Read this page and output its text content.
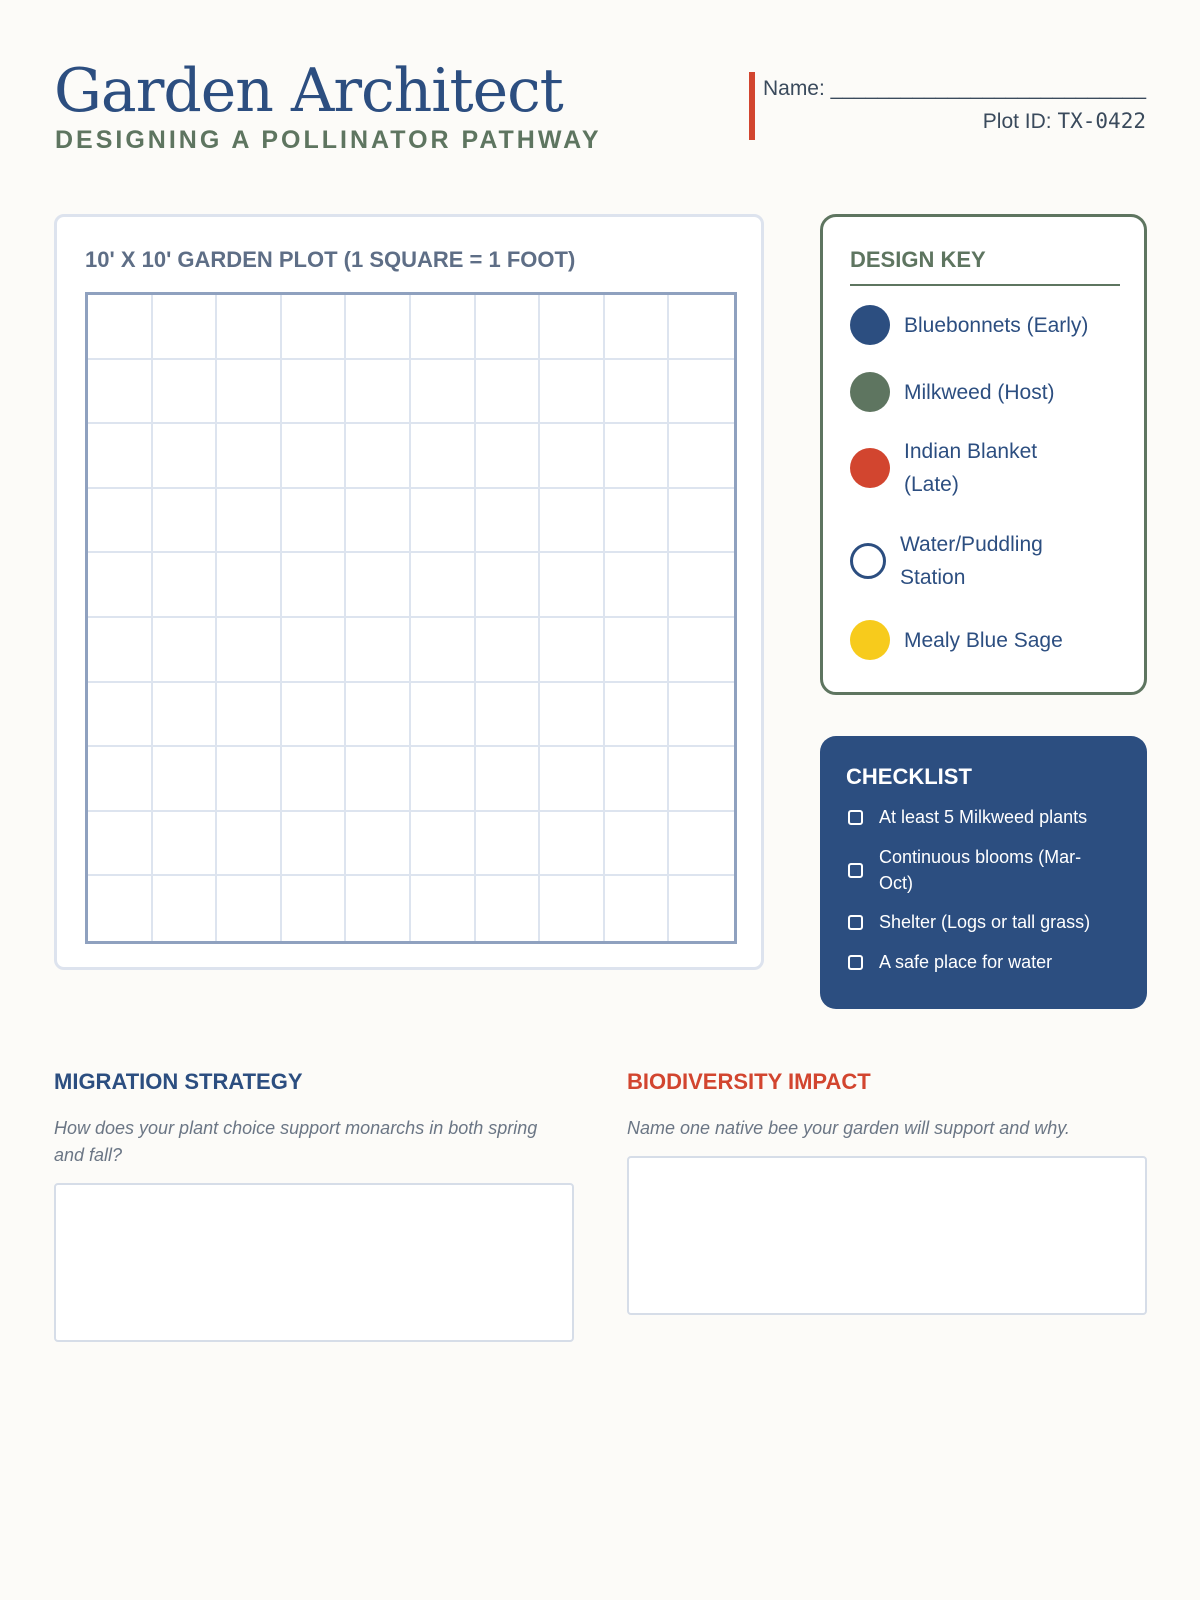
Garden Architect
DESIGNING A POLLINATOR PATHWAY
Name: ___________________________
Plot ID: TX-0422
10' X 10' GARDEN PLOT (1 SQUARE = 1 FOOT)	DESIGN KEY
Bluebonnets (Early)
Milkweed (Host)
Indian Blanket (Late)
Water/Puddling Station
Mealy Blue Sage
CHECKLIST
At least 5 Milkweed plants
Continuous blooms (Mar-Oct)
Shelter (Logs or tall grass)
A safe place for water
MIGRATION STRATEGY
How does your plant choice support monarchs in both spring and fall?
BIODIVERSITY IMPACT
Name one native bee your garden will support and why.
